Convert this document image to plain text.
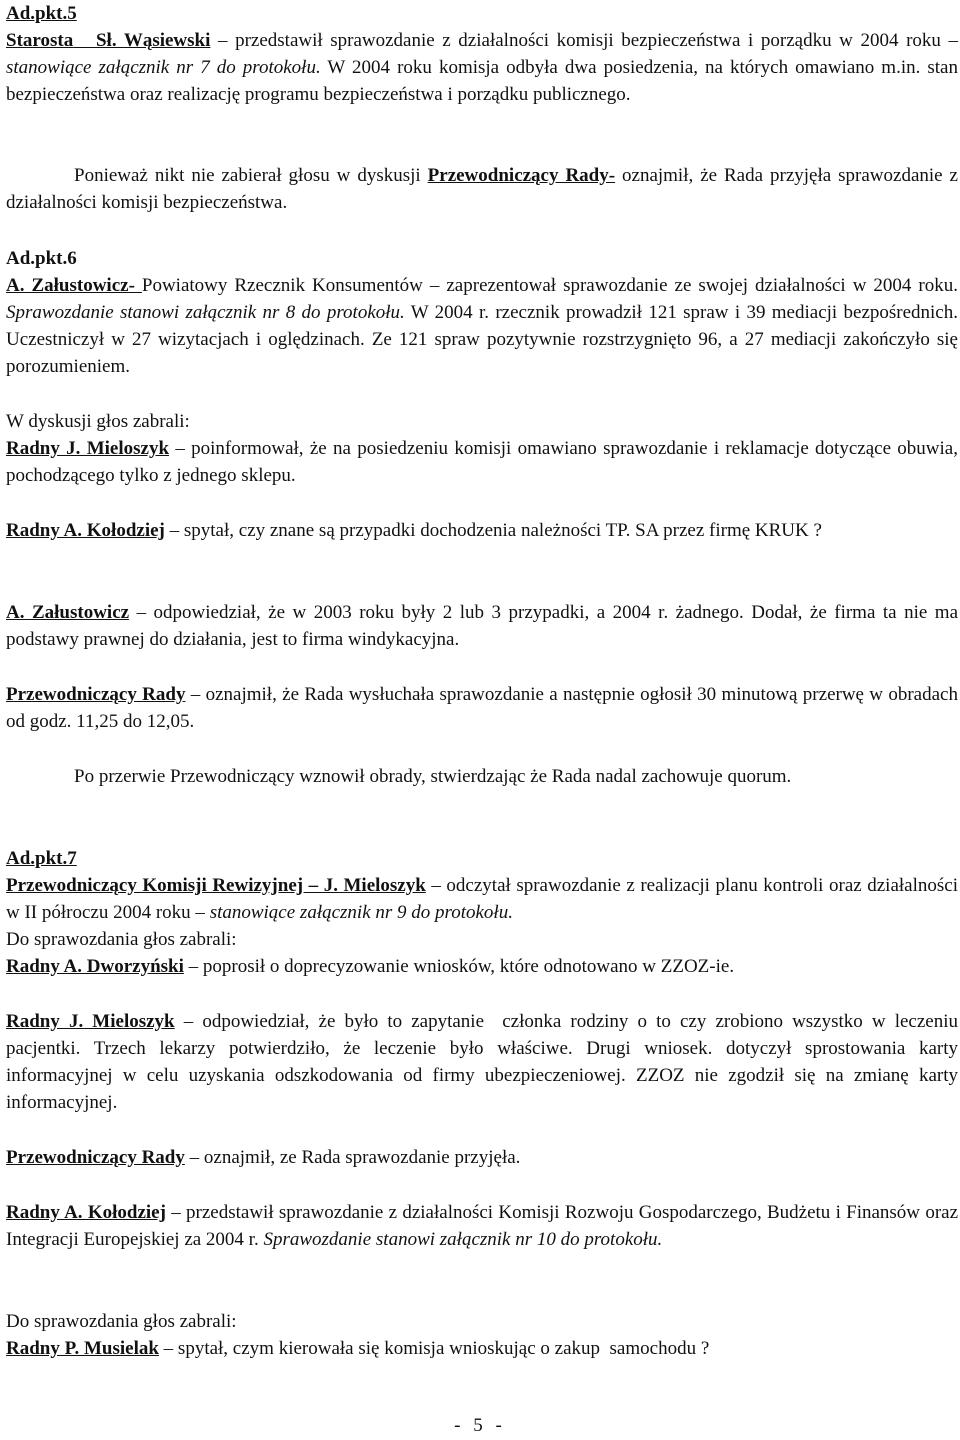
Ad.pkt.5

Starosta Sł. Wąsiewski – przedstawił sprawozdanie z działalności komisji bezpieczeństwa i porządku w 2004 roku – stanowiące załącznik nr 7 do protokołu. W 2004 roku komisja odbyła dwa posiedzenia, na których omawiano m.in. stan bezpieczeństwa oraz realizację programu bezpieczeństwa i porządku publicznego.

Ponieważ nikt nie zabierał głosu w dyskusji Przewodniczący Rady- oznajmił, że Rada przyjęła sprawozdanie z działalności komisji bezpieczeństwa.

Ad.pkt.6

A. Załustowicz- Powiatowy Rzecznik Konsumentów – zaprezentował sprawozdanie ze swojej działalności w 2004 roku. Sprawozdanie stanowi załącznik nr 8 do protokołu. W 2004 r. rzecznik prowadził 121 spraw i 39 mediacji bezpośrednich. Uczestniczył w 27 wizytacjach i oględzinach. Ze 121 spraw pozytywnie rozstrzygnięto 96, a 27 mediacji zakończyło się porozumieniem.

W dyskusji głos zabrali:

Radny J. Mieloszyk – poinformował, że na posiedzeniu komisji omawiano sprawozdanie i reklamacje dotyczące obuwia, pochodzącego tylko z jednego sklepu.

Radny A. Kołodziej – spytał, czy znane są przypadki dochodzenia należności TP. SA przez firmę KRUK ?

A. Załustowicz – odpowiedział, że w 2003 roku były 2 lub 3 przypadki, a 2004 r. żadnego. Dodał, że firma ta nie ma podstawy prawnej do działania, jest to firma windykacyjna.

Przewodniczący Rady – oznajmił, że Rada wysłuchała sprawozdanie a następnie ogłosił 30 minutową przerwę w obradach od godz. 11,25 do 12,05.

Po przerwie Przewodniczący wznowił obrady, stwierdzając że Rada nadal zachowuje quorum.

Ad.pkt.7

Przewodniczący Komisji Rewizyjnej – J. Mieloszyk – odczytał sprawozdanie z realizacji planu kontroli oraz działalności w II półroczu 2004 roku – stanowiące załącznik nr 9 do protokołu.

Do sprawozdania głos zabrali:

Radny A. Dworzyński – poprosił o doprecyzowanie wniosków, które odnotowano w ZZOZ-ie.

Radny J. Mieloszyk – odpowiedział, że było to zapytanie  członka rodziny o to czy zrobiono wszystko w leczeniu pacjentki. Trzech lekarzy potwierdziło, że leczenie było właściwe. Drugi wniosek. dotyczył sprostowania karty informacyjnej w celu uzyskania odszkodowania od firmy ubezpieczeniowej. ZZOZ nie zgodził się na zmianę karty informacyjnej.

Przewodniczący Rady – oznajmił, ze Rada sprawozdanie przyjęła.

Radny A. Kołodziej – przedstawił sprawozdanie z działalności Komisji Rozwoju Gospodarczego, Budżetu i Finansów oraz Integracji Europejskiej za 2004 r. Sprawozdanie stanowi załącznik nr 10 do protokołu.

Do sprawozdania głos zabrali:

Radny P. Musielak – spytał, czym kierowała się komisja wnioskując o zakup  samochodu ?

- 5 -
